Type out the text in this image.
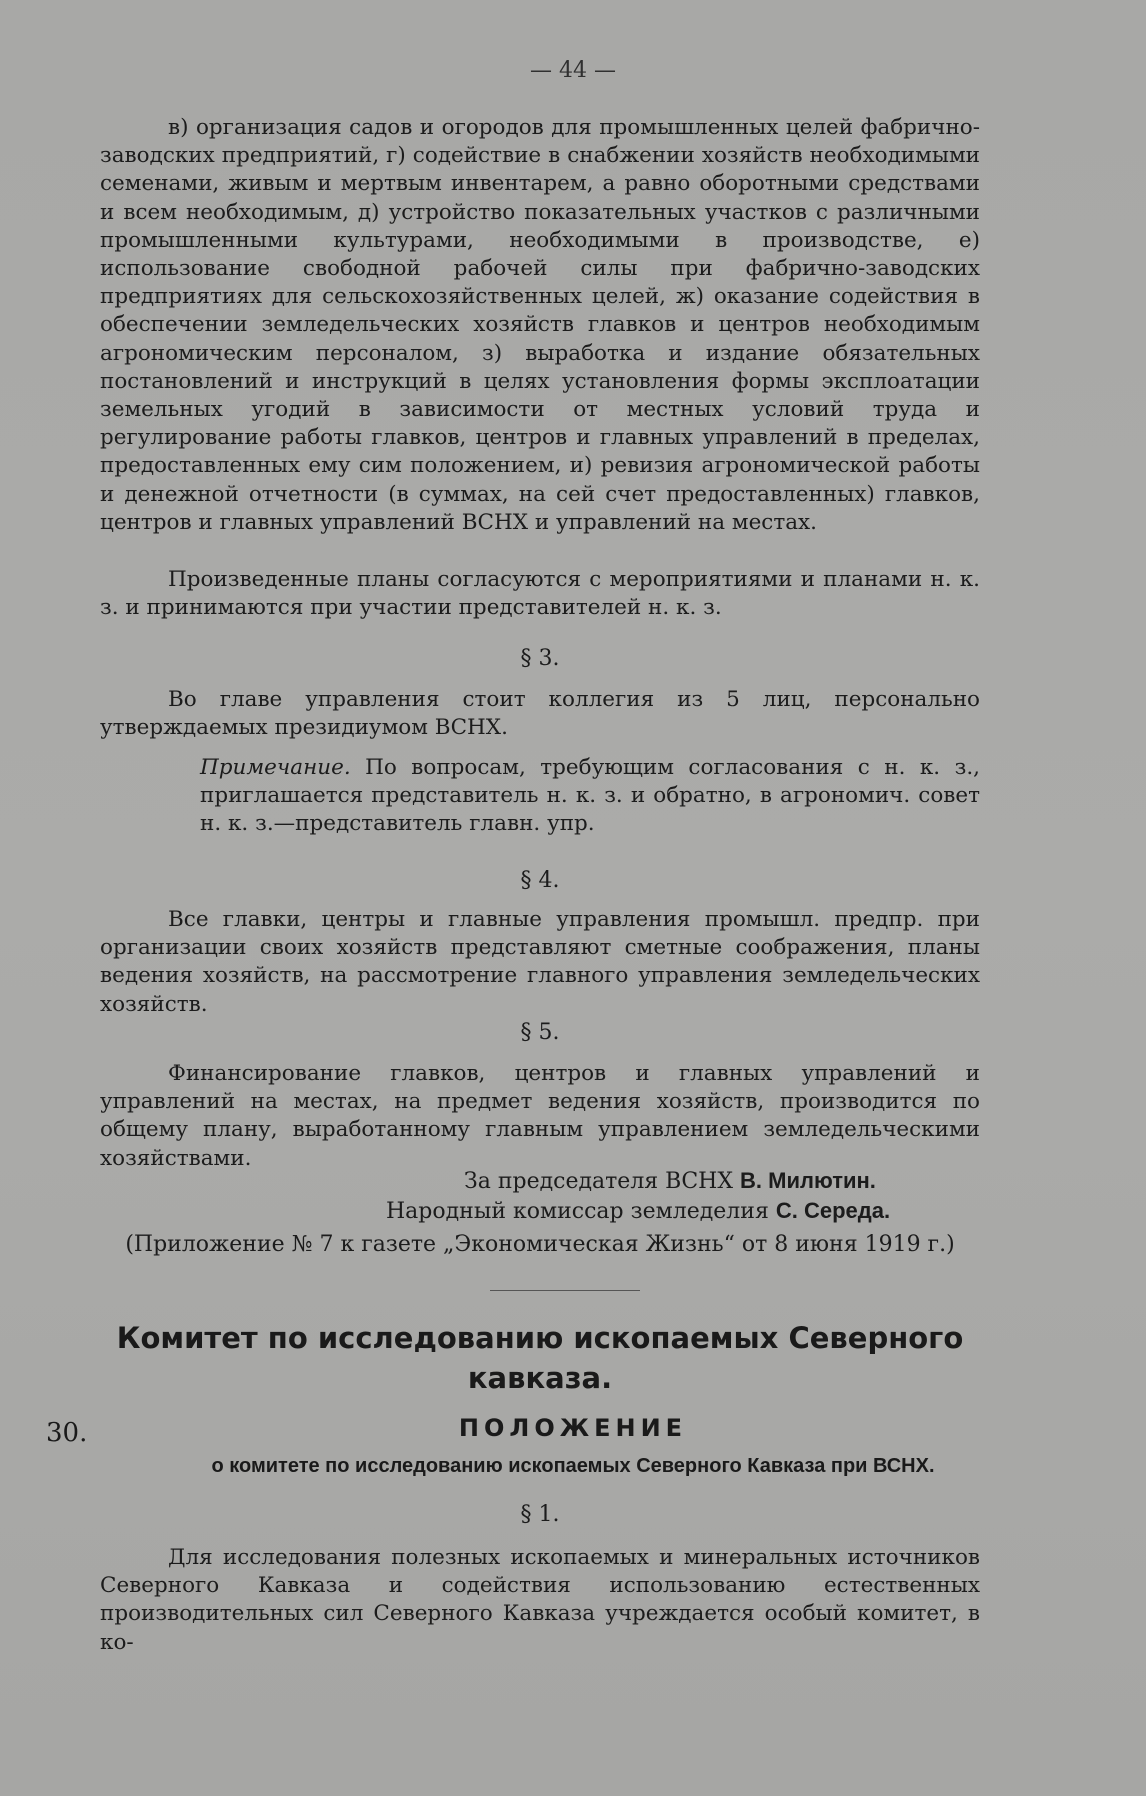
— 44 —

в) организация садов и огородов для промышленных целей фабрично-заводских предприятий, г) содействие в снабжении хозяйств необходимыми семенами, живым и мертвым инвентарем, а равно оборотными средствами и всем необходимым, д) устройство показательных участков с различными промышленными культурами, необходимыми в производстве, е) использование свободной рабочей силы при фабрично-заводских предприятиях для сельскохозяйственных целей, ж) оказание содействия в обеспечении земледельческих хозяйств главков и центров необходимым агрономическим персоналом, з) выработка и издание обязательных постановлений и инструкций в целях установления формы эксплоатации земельных угодий в зависимости от местных условий труда и регулирование работы главков, центров и главных управлений в пределах, предоставленных ему сим положением, и) ревизия агрономической работы и денежной отчетности (в суммах, на сей счет предоставленных) главков, центров и главных управлений ВСНХ и управлений на местах.

Произведенные планы согласуются с мероприятиями и планами н. к. з. и принимаются при участии представителей н. к. з.

§ 3.

Во главе управления стоит коллегия из 5 лиц, персонально утверждаемых президиумом ВСНХ.

Примечание. По вопросам, требующим согласования с н. к. з., приглашается представитель н. к. з. и обратно, в агрономич. совет н. к. з.—представитель главн. упр.

§ 4.

Все главки, центры и главные управления промышл. предпр. при организации своих хозяйств представляют сметные соображения, планы ведения хозяйств, на рассмотрение главного управления земледельческих хозяйств.

§ 5.

Финансирование главков, центров и главных управлений и управлений на местах, на предмет ведения хозяйств, производится по общему плану, выработанному главным управлением земледельческими хозяйствами.

За председателя ВСНХ В. Милютин.
Народный комиссар земледелия С. Середа.
(Приложение № 7 к газете „Экономическая Жизнь“ от 8 июня 1919 г.)
Комитет по исследованию ископаемых Северного кавказа.
30.	ПОЛОЖЕНИЕ
о комитете по исследованию ископаемых Северного Кавказа при ВСНХ.

§ 1.

Для исследования полезных ископаемых и минеральных источников Северного Кавказа и содействия использованию естественных производительных сил Северного Кавказа учреждается особый комитет, в ко-
